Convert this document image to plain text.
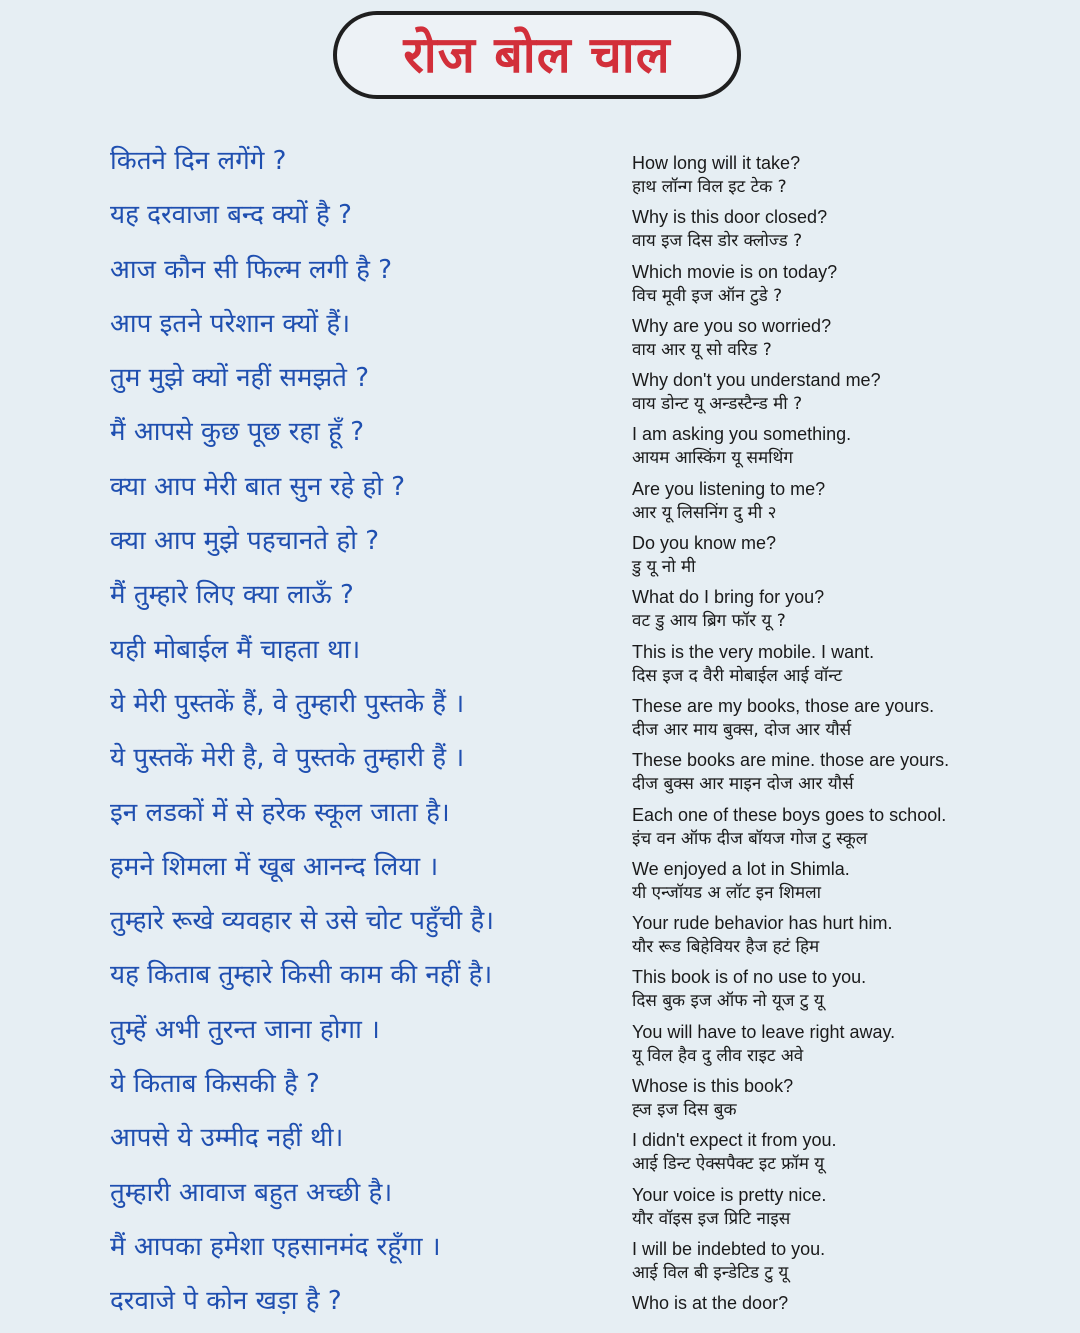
रोज बोल चाल
कितने दिन लगेंगे ?	How long will it take?
हाथ लॉन्ग विल इट टेक ?
यह दरवाजा बन्द क्यों है ?	Why is this door closed?
वाय इज दिस डोर क्लोज्ड ?
आज कौन सी फिल्म लगी है ?	Which movie is on today?
विच मूवी इज ऑन टुडे ?
आप इतने परेशान क्यों हैं।	Why are you so worried?
वाय आर यू सो वरिड ?
तुम मुझे क्यों नहीं समझते ?	Why don't you understand me?
वाय डोन्ट यू अन्डस्टैन्ड मी ?
मैं आपसे कुछ पूछ रहा हूँ ?	I am asking you something.
आयम आस्किंग यू समथिंग
क्या आप मेरी बात सुन रहे हो ?	Are you listening to me?
आर यू लिसनिंग दु मी २
क्या आप मुझे पहचानते हो ?	Do you know me?
डु यू नो मी
मैं तुम्हारे लिए क्या लाऊँ ?	What do I bring for you?
वट डु आय ब्रिग फॉर यू ?
यही मोबाईल मैं चाहता था।	This is the very mobile. I want.
दिस इज द वैरी मोबाईल आई वॉन्ट
ये मेरी पुस्तकें हैं, वे तुम्हारी पुस्तके हैं ।	These are my books, those are yours.
दीज आर माय बुक्स, दोज आर यौर्स
ये पुस्तकें मेरी है, वे पुस्तके तुम्हारी हैं ।	These books are mine. those are yours.
दीज बुक्स आर माइन दोज आर यौर्स
इन लडकों में से हरेक स्कूल जाता है।	Each one of these boys goes to school.
इंच वन ऑफ दीज बॉयज गोज टु स्कूल
हमने शिमला में खूब आनन्द लिया ।	We enjoyed a lot in Shimla.
यी एन्जॉयड अ लॉट इन शिमला
तुम्हारे रूखे व्यवहार से उसे चोट पहुँची है।	Your rude behavior has hurt him.
यौर रूड बिहेवियर हैज हटं हिम
यह किताब तुम्हारे किसी काम की नहीं है।	This book is of no use to you.
दिस बुक इज ऑफ नो यूज टु यू
तुम्हें अभी तुरन्त जाना होगा ।	You will have to leave right away.
यू विल हैव दु लीव राइट अवे
ये किताब किसकी है ?	Whose is this book?
ह्ज इज दिस बुक
आपसे ये उम्मीद नहीं थी।	I didn't expect it from you.
आई डिन्ट ऐक्सपैक्ट इट फ्रॉम यू
तुम्हारी आवाज बहुत अच्छी है।	Your voice is pretty nice.
यौर वॉइस इज प्रिटि नाइस
मैं आपका हमेशा एहसानमंद रहूँगा ।	I will be indebted to you.
आई विल बी इन्डेटिड टु यू
दरवाजे पे कोन खड़ा है ?	Who is at the door?
